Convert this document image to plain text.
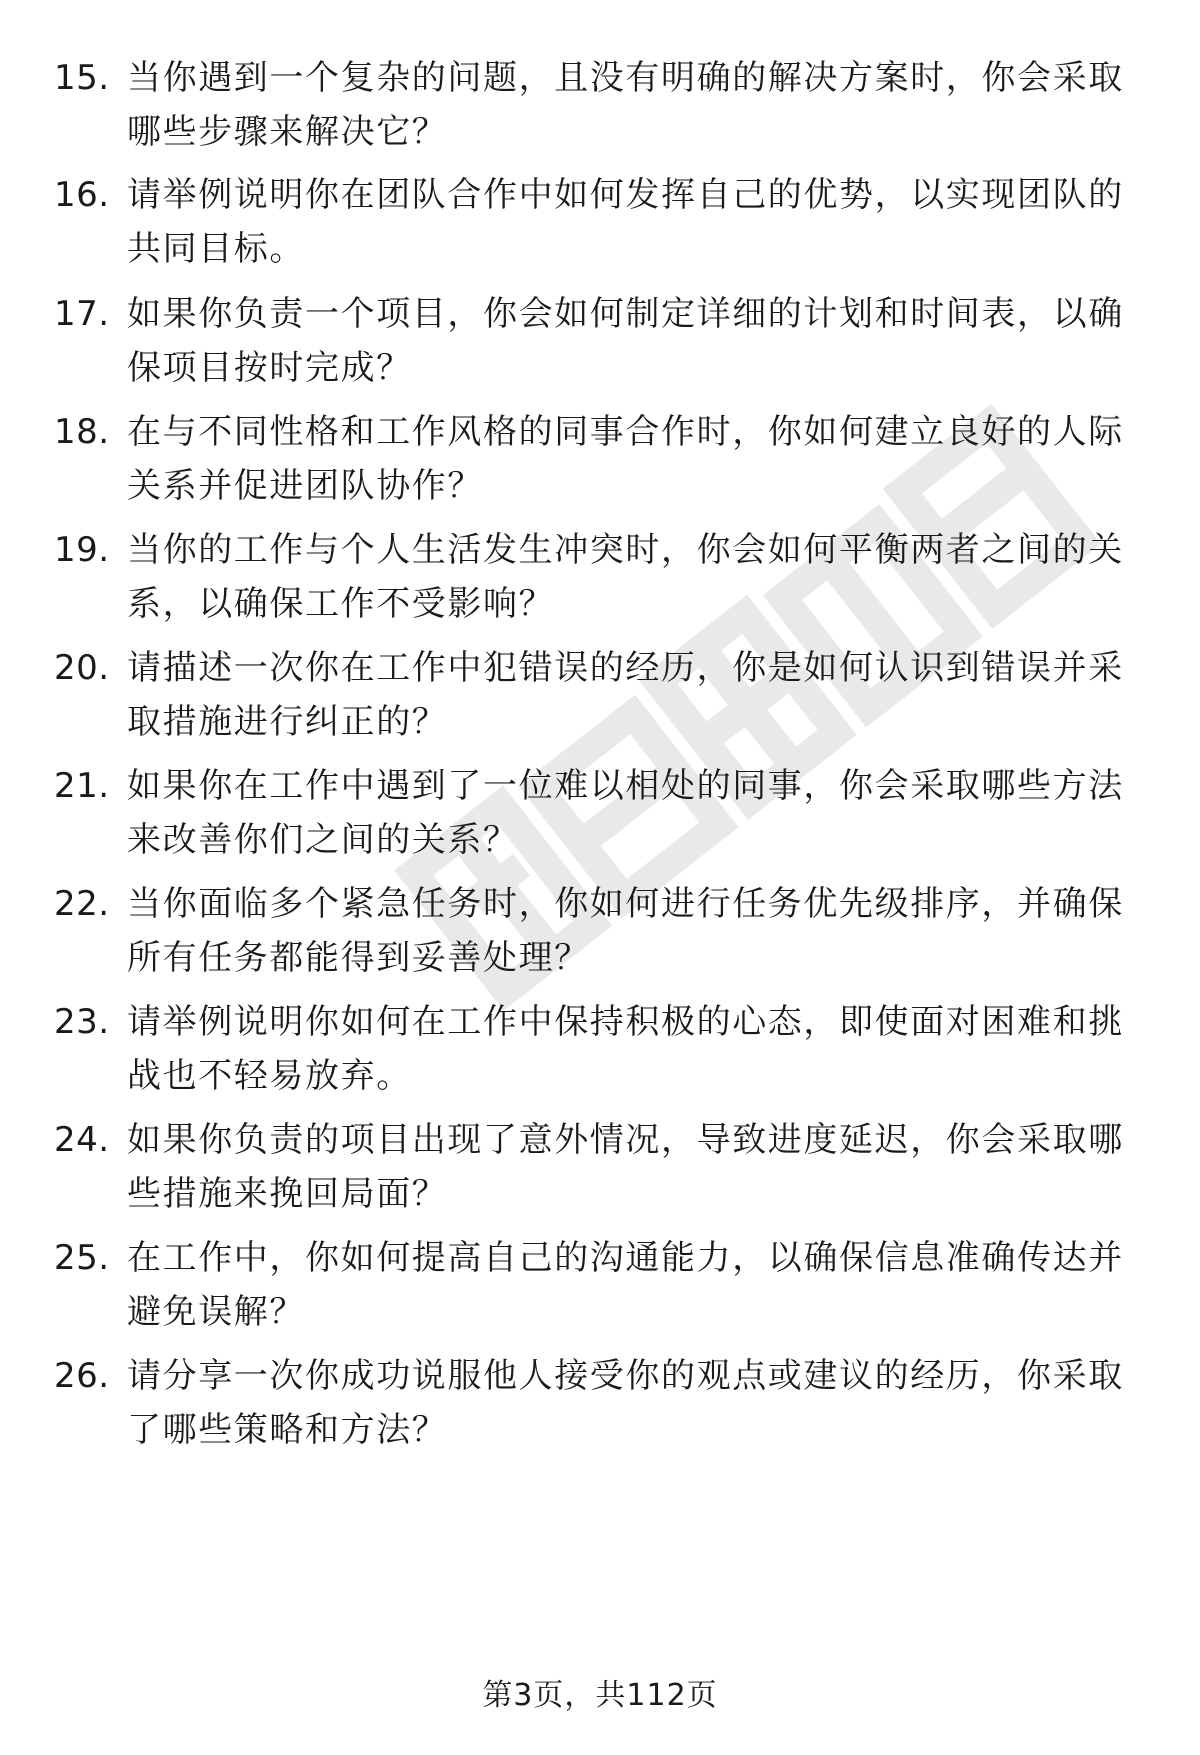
15. 当你遇到一个复杂的问题，且没有明确的解决方案时，你会采取哪些步骤来解决它？
16. 请举例说明你在团队合作中如何发挥自己的优势，以实现团队的共同目标。
17. 如果你负责一个项目，你会如何制定详细的计划和时间表，以确保项目按时完成？
18. 在与不同性格和工作风格的同事合作时，你如何建立良好的人际关系并促进团队协作？
19. 当你的工作与个人生活发生冲突时，你会如何平衡两者之间的关系，以确保工作不受影响？
20. 请描述一次你在工作中犯错误的经历，你是如何认识到错误并采取措施进行纠正的？
21. 如果你在工作中遇到了一位难以相处的同事，你会采取哪些方法来改善你们之间的关系？
22. 当你面临多个紧急任务时，你如何进行任务优先级排序，并确保所有任务都能得到妥善处理？
23. 请举例说明你如何在工作中保持积极的心态，即使面对困难和挑战也不轻易放弃。
24. 如果你负责的项目出现了意外情况，导致进度延迟，你会采取哪些措施来挽回局面？
25. 在工作中，你如何提高自己的沟通能力，以确保信息准确传达并避免误解？
26. 请分享一次你成功说服他人接受你的观点或建议的经历，你采取了哪些策略和方法？
第3页，共112页
